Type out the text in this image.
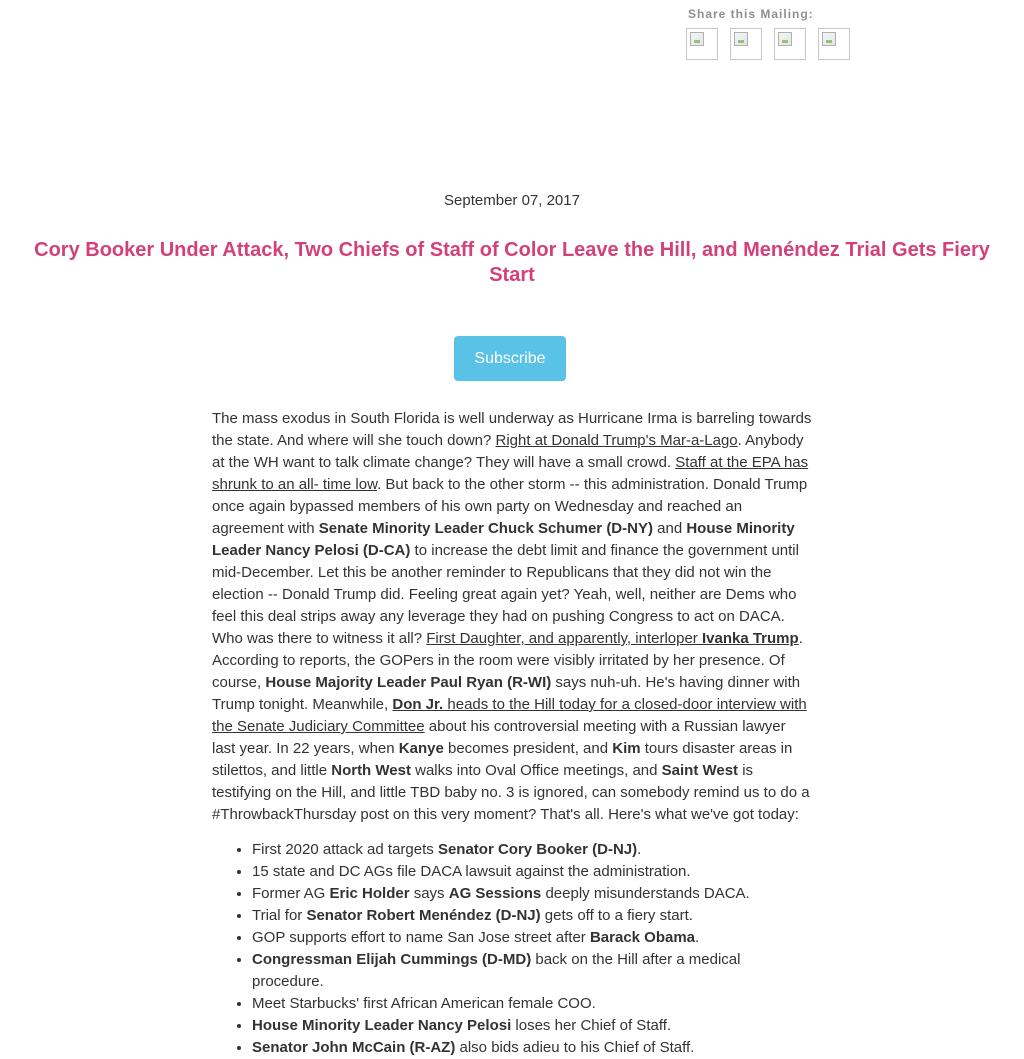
Share this Mailing:
September 07, 2017
Cory Booker Under Attack, Two Chiefs of Staff of Color Leave the Hill, and Menéndez Trial Gets Fiery Start
Subscribe

The mass exodus in South Florida is well underway as Hurricane Irma is barreling towards the state. And where will she touch down? Right at Donald Trump's Mar-a-Lago. Anybody at the WH want to talk climate change? They will have a small crowd. Staff at the EPA has shrunk to an all- time low. But back to the other storm -- this administration. Donald Trump once again bypassed members of his own party on Wednesday and reached an agreement with Senate Minority Leader Chuck Schumer (D-NY) and House Minority Leader Nancy Pelosi (D-CA) to increase the debt limit and finance the government until mid-December. Let this be another reminder to Republicans that they did not win the election -- Donald Trump did. Feeling great again yet? Yeah, well, neither are Dems who feel this deal strips away any leverage they had on pushing Congress to act on DACA. Who was there to witness it all? First Daughter, and apparently, interloper Ivanka Trump. According to reports, the GOPers in the room were visibly irritated by her presence. Of course, House Majority Leader Paul Ryan (R-WI) says nuh-uh. He's having dinner with Trump tonight. Meanwhile, Don Jr. heads to the Hill today for a closed-door interview with the Senate Judiciary Committee about his controversial meeting with a Russian lawyer last year. In 22 years, when Kanye becomes president, and Kim tours disaster areas in stilettos, and little North West walks into Oval Office meetings, and Saint West is testifying on the Hill, and little TBD baby no. 3 is ignored, can somebody remind us to do a #ThrowbackThursday post on this very moment? That's all. Here's what we've got today:

• First 2020 attack ad targets Senator Cory Booker (D-NJ).
• 15 state and DC AGs file DACA lawsuit against the administration.
• Former AG Eric Holder says AG Sessions deeply misunderstands DACA.
• Trial for Senator Robert Menéndez (D-NJ) gets off to a fiery start.
• GOP supports effort to name San Jose street after Barack Obama.
• Congressman Elijah Cummings (D-MD) back on the Hill after a medical procedure.
• Meet Starbucks' first African American female COO.
• House Minority Leader Nancy Pelosi loses her Chief of Staff.
• Senator John McCain (R-AZ) also bids adieu to his Chief of Staff.
